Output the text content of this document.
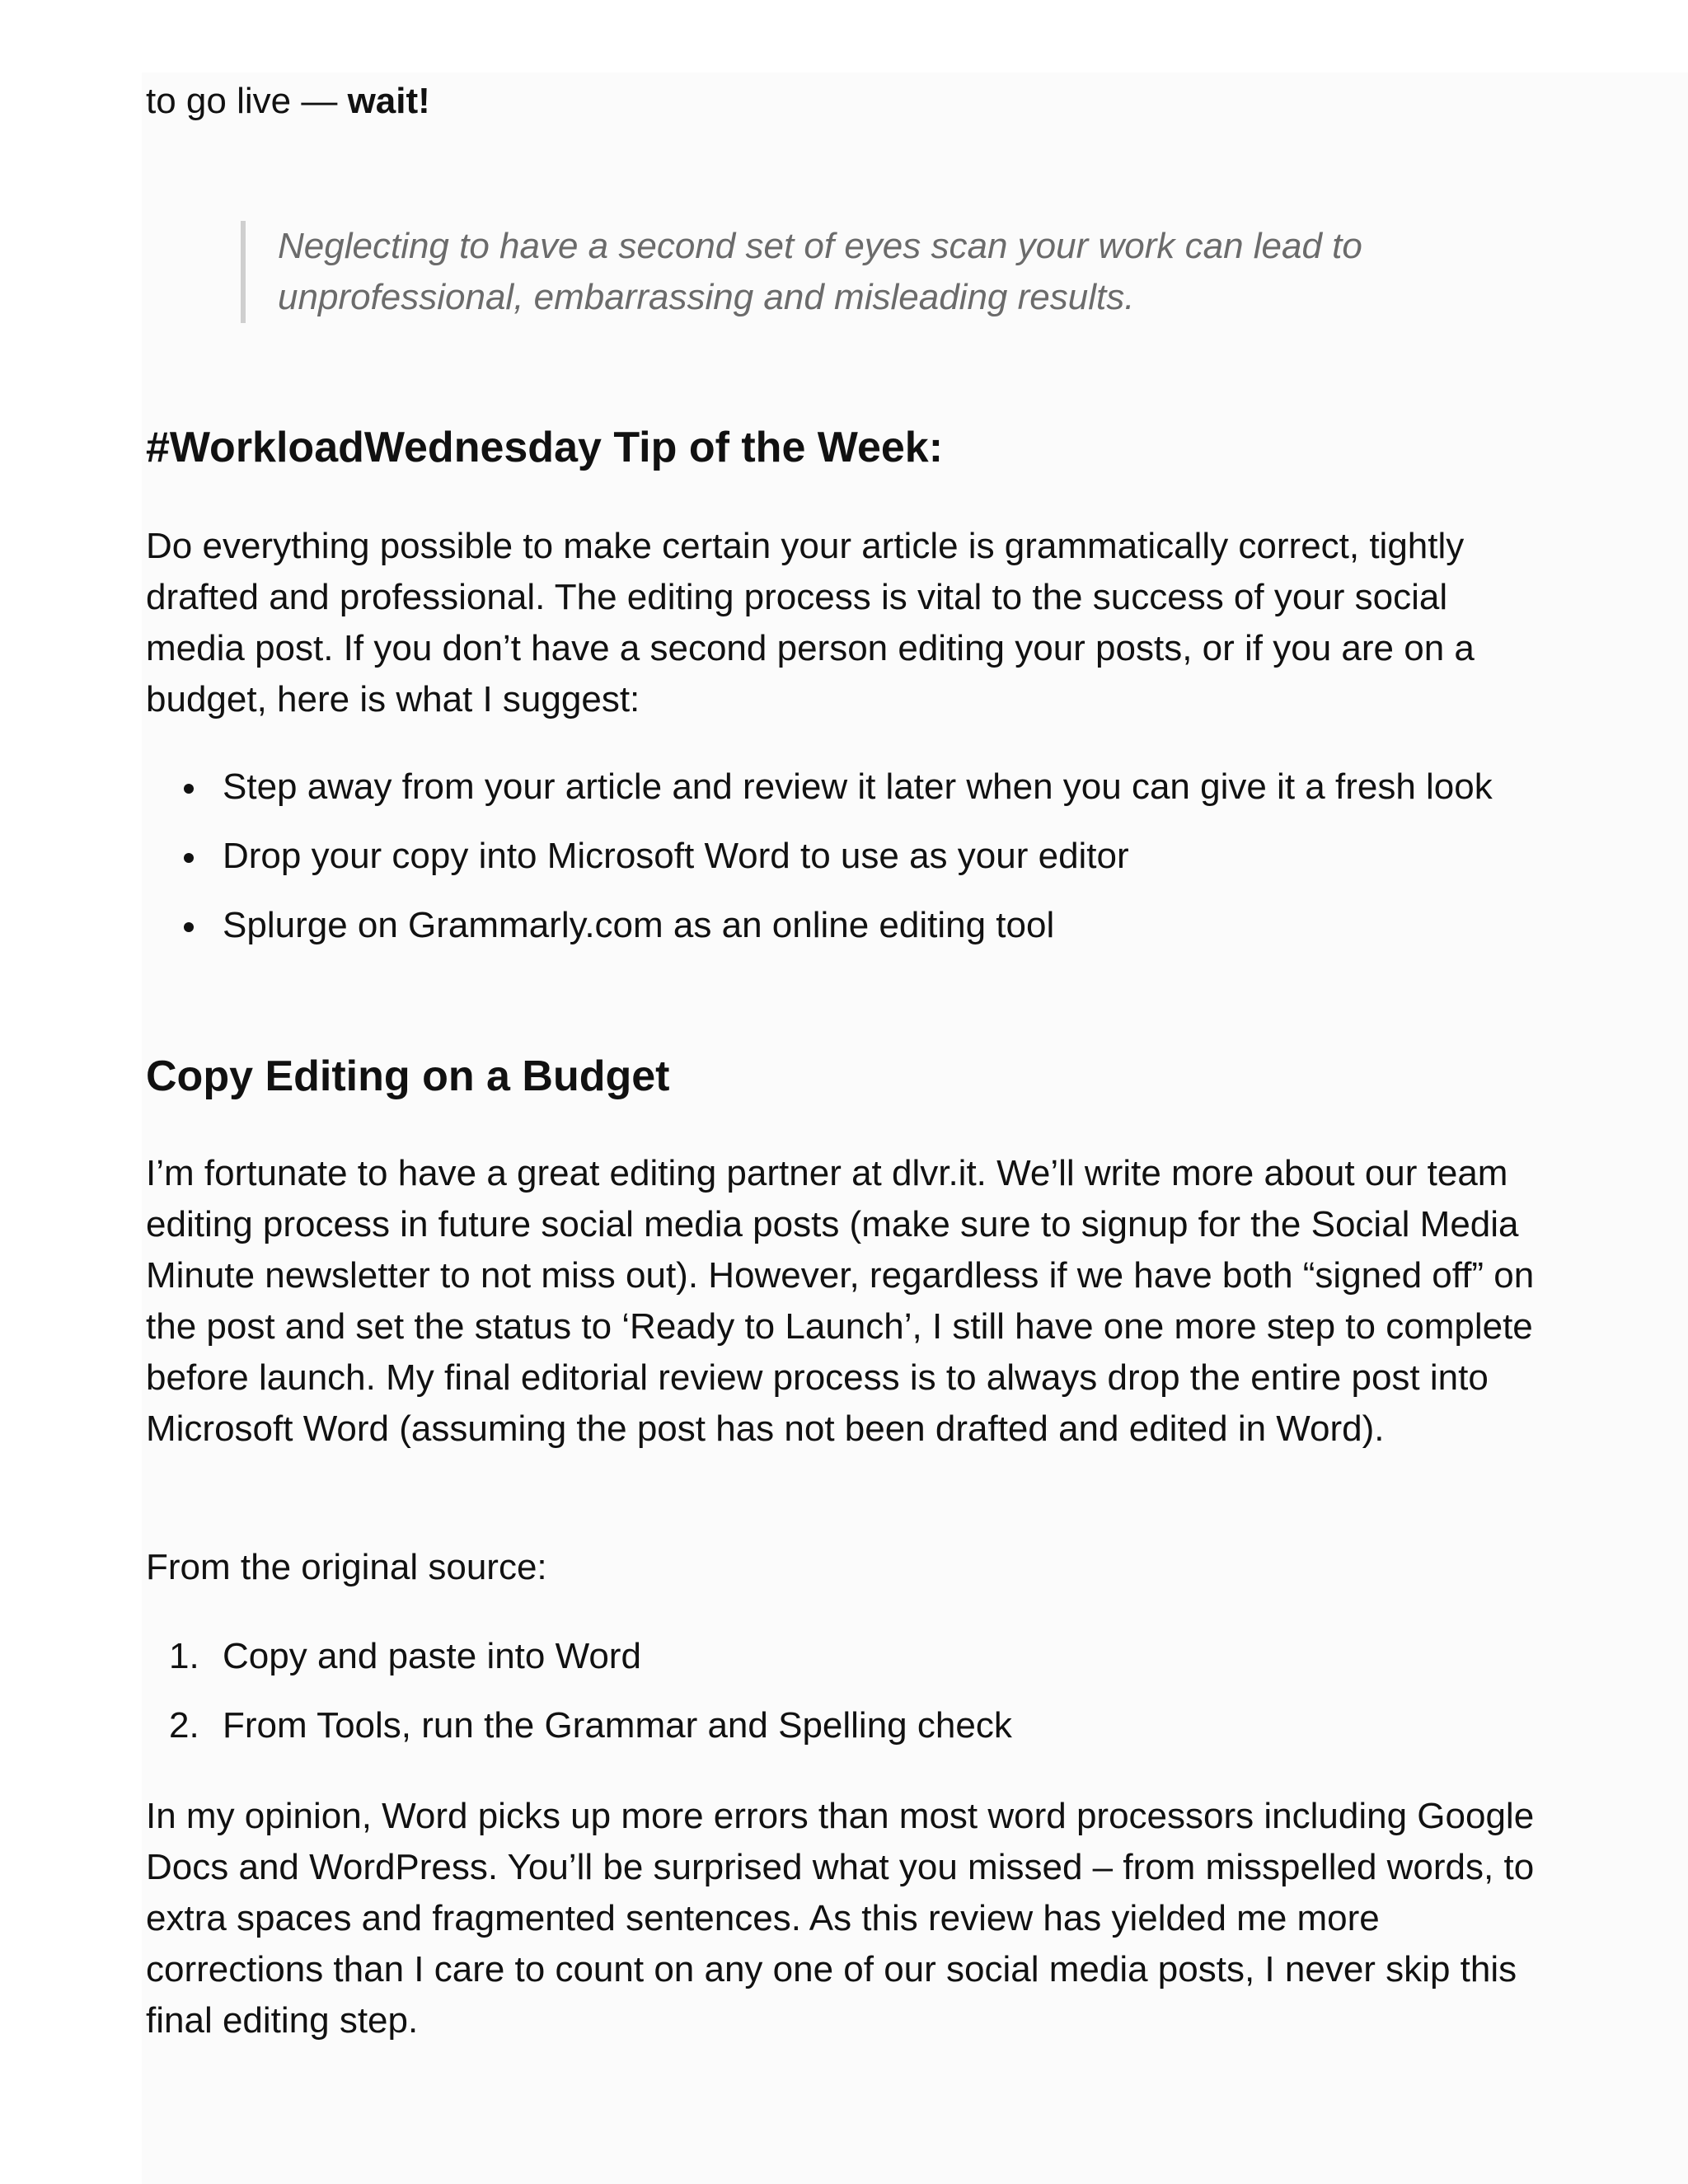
to go live — wait!
Neglecting to have a second set of eyes scan your work can lead to unprofessional, embarrassing and misleading results.
#WorkloadWednesday Tip of the Week:

Do everything possible to make certain your article is grammatically correct, tightly drafted and professional. The editing process is vital to the success of your social media post. If you don’t have a second person editing your posts, or if you are on a budget, here is what I suggest:

Step away from your article and review it later when you can give it a fresh look
Drop your copy into Microsoft Word to use as your editor
Splurge on Grammarly.com as an online editing tool
Copy Editing on a Budget

I’m fortunate to have a great editing partner at dlvr.it. We’ll write more about our team editing process in future social media posts (make sure to signup for the Social Media Minute newsletter to not miss out). However, regardless if we have both “signed off” on the post and set the status to ‘Ready to Launch’, I still have one more step to complete before launch. My final editorial review process is to always drop the entire post into Microsoft Word (assuming the post has not been drafted and edited in Word).

From the original source:

1. Copy and paste into Word
2. From Tools, run the Grammar and Spelling check

In my opinion, Word picks up more errors than most word processors including Google Docs and WordPress. You’ll be surprised what you missed – from misspelled words, to extra spaces and fragmented sentences. As this review has yielded me more corrections than I care to count on any one of our social media posts, I never skip this final editing step.
